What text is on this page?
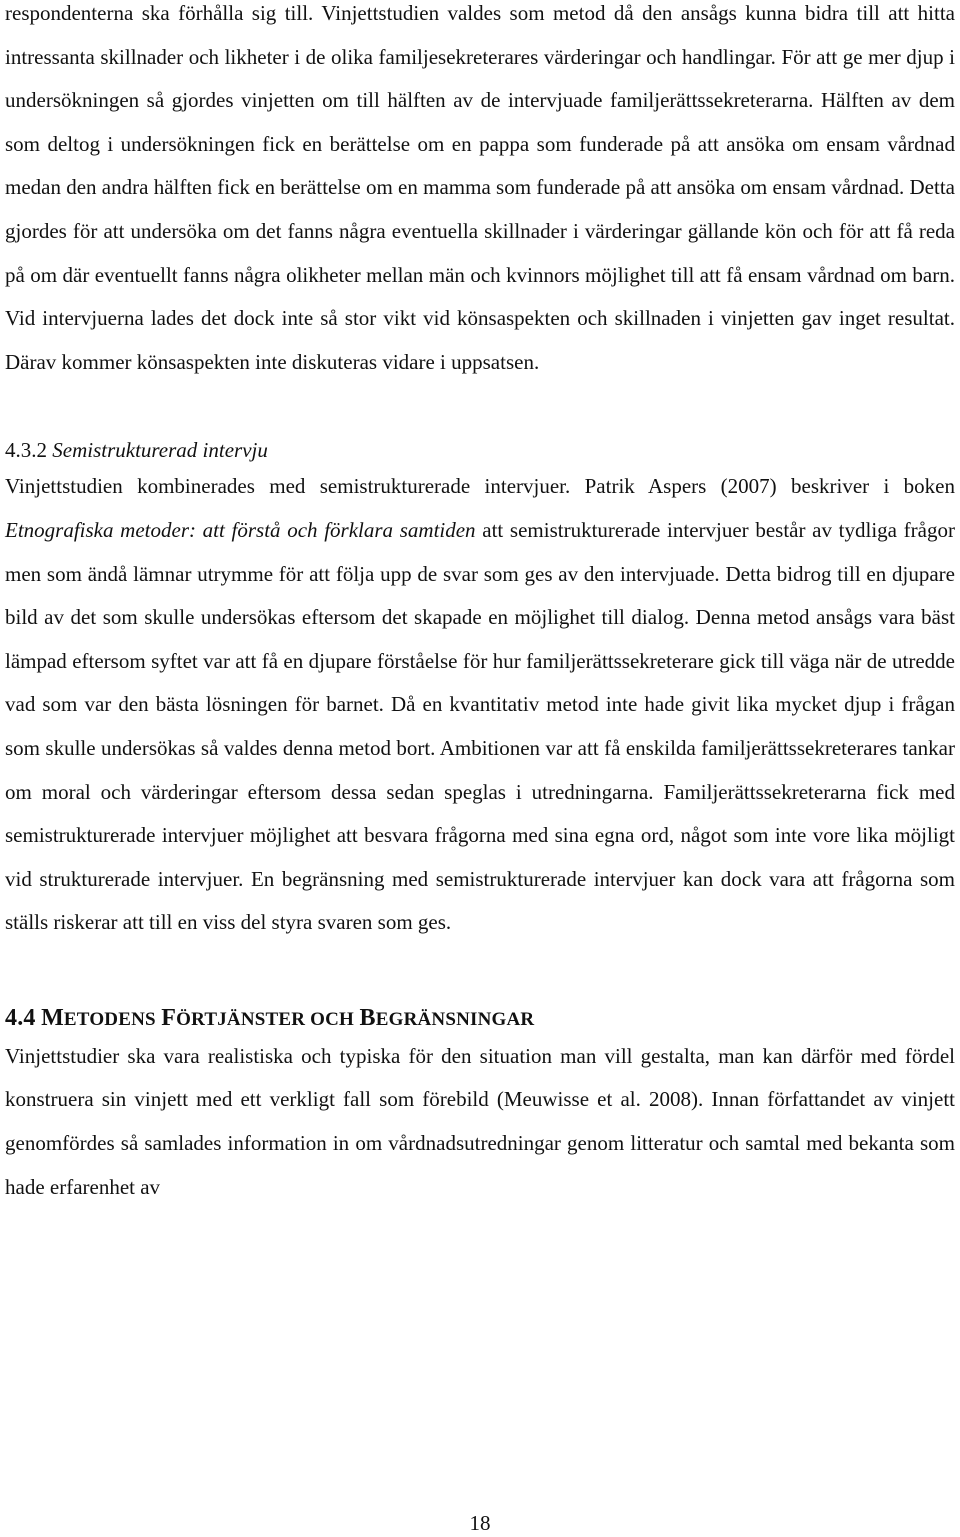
respondenterna ska förhålla sig till. Vinjettstudien valdes som metod då den ansågs kunna bidra till att hitta intressanta skillnader och likheter i de olika familjesekreterares värderingar och handlingar. För att ge mer djup i undersökningen så gjordes vinjetten om till hälften av de intervjuade familjerättssekreterarna. Hälften av dem som deltog i undersökningen fick en berättelse om en pappa som funderade på att ansöka om ensam vårdnad medan den andra hälften fick en berättelse om en mamma som funderade på att ansöka om ensam vårdnad. Detta gjordes för att undersöka om det fanns några eventuella skillnader i värderingar gällande kön och för att få reda på om där eventuellt fanns några olikheter mellan män och kvinnors möjlighet till att få ensam vårdnad om barn. Vid intervjuerna lades det dock inte så stor vikt vid könsaspekten och skillnaden i vinjetten gav inget resultat. Därav kommer könsaspekten inte diskuteras vidare i uppsatsen.

4.3.2 Semistrukturerad intervju

Vinjettstudien kombinerades med semistrukturerade intervjuer. Patrik Aspers (2007) beskriver i boken Etnografiska metoder: att förstå och förklara samtiden att semistrukturerade intervjuer består av tydliga frågor men som ändå lämnar utrymme för att följa upp de svar som ges av den intervjuade. Detta bidrog till en djupare bild av det som skulle undersökas eftersom det skapade en möjlighet till dialog. Denna metod ansågs vara bäst lämpad eftersom syftet var att få en djupare förståelse för hur familjerättssekreterare gick till väga när de utredde vad som var den bästa lösningen för barnet. Då en kvantitativ metod inte hade givit lika mycket djup i frågan som skulle undersökas så valdes denna metod bort. Ambitionen var att få enskilda familjerättssekreterares tankar om moral och värderingar eftersom dessa sedan speglas i utredningarna. Familjerättssekreterarna fick med semistrukturerade intervjuer möjlighet att besvara frågorna med sina egna ord, något som inte vore lika möjligt vid strukturerade intervjuer. En begränsning med semistrukturerade intervjuer kan dock vara att frågorna som ställs riskerar att till en viss del styra svaren som ges.

4.4 METODENS FÖRTJÄNSTER OCH BEGRÄNSNINGAR

Vinjettstudier ska vara realistiska och typiska för den situation man vill gestalta, man kan därför med fördel konstruera sin vinjett med ett verkligt fall som förebild (Meuwisse et al. 2008). Innan författandet av vinjett genomfördes så samlades information in om vårdnadsutredningar genom litteratur och samtal med bekanta som hade erfarenhet av

18
